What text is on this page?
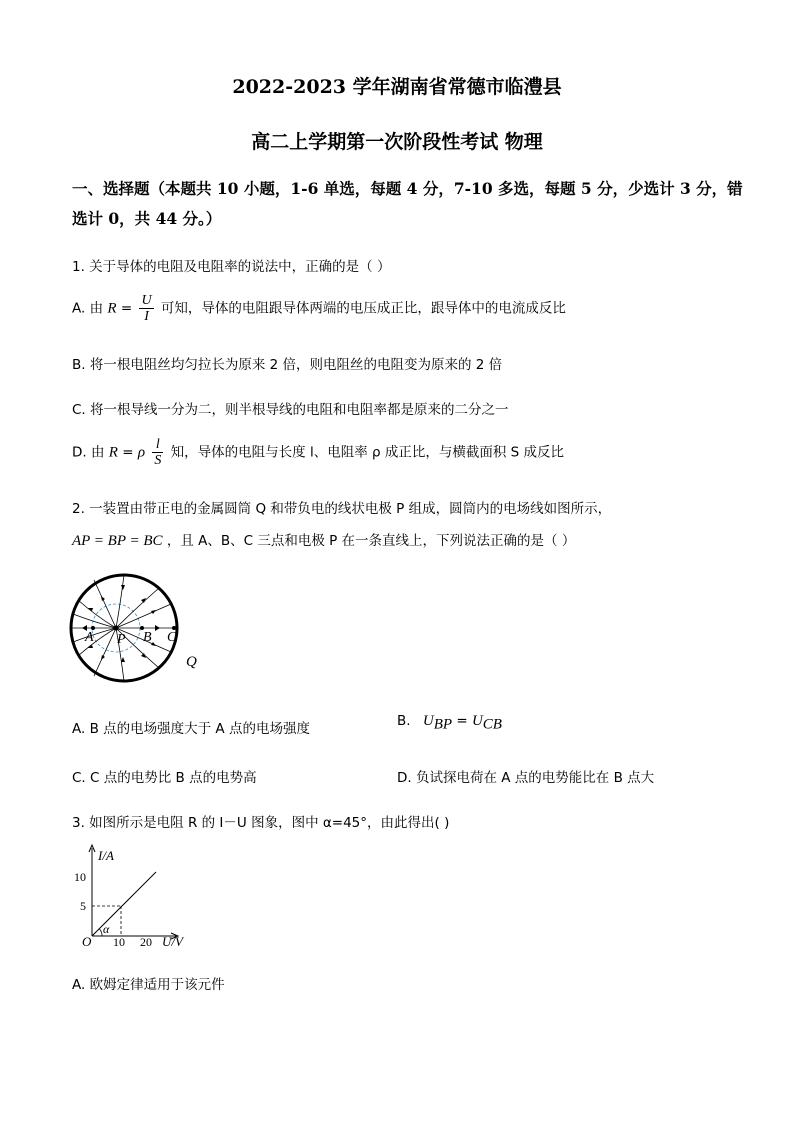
2022-2023 学年湖南省常德市临澧县
高二上学期第一次阶段性考试 物理
一、选择题（本题共 10 小题，1-6 单选，每题 4 分，7-10 多选，每题 5 分，少选计 3 分，错
选计 0，共 44 分。）
1. 关于导体的电阻及电阻率的说法中，正确的是（ ）
A. 由 $R = \frac{U}{I}$ 可知，导体的电阻跟导体两端的电压成正比，跟导体中的电流成反比
B. 将一根电阻丝均匀拉长为原来 2 倍，则电阻丝的电阻变为原来的 2 倍
C. 将一根导线一分为二，则半根导线的电阻和电阻率都是原来的二分之一
D. 由 R = ρ $\frac{l}{S}$ 知，导体的电阻与长度 l、电阻率 ρ 成正比，与横截面积 S 成反比
2. 一装置由带正电的金属圆筒 Q 和带负电的线状电极 P 组成，圆筒内的电场线如图所示，
AP = BP = BC ，且 A、B、C 三点和电极 P 在一条直线上，下列说法正确的是（ ）
A P B C
Q
A. B 点的电场强度大于 A 点的电场强度	B. $U_{BP} = U_{CB}$
C. C 点的电势比 B 点的电势高	D. 负试探电荷在 A 点的电势能比在 B 点大
3. 如图所示是电阻 R 的 I－U 图象，图中 α=45°，由此得出( )
I/A
U/V
O
α
10
5
10 20
A. 欧姆定律适用于该元件
